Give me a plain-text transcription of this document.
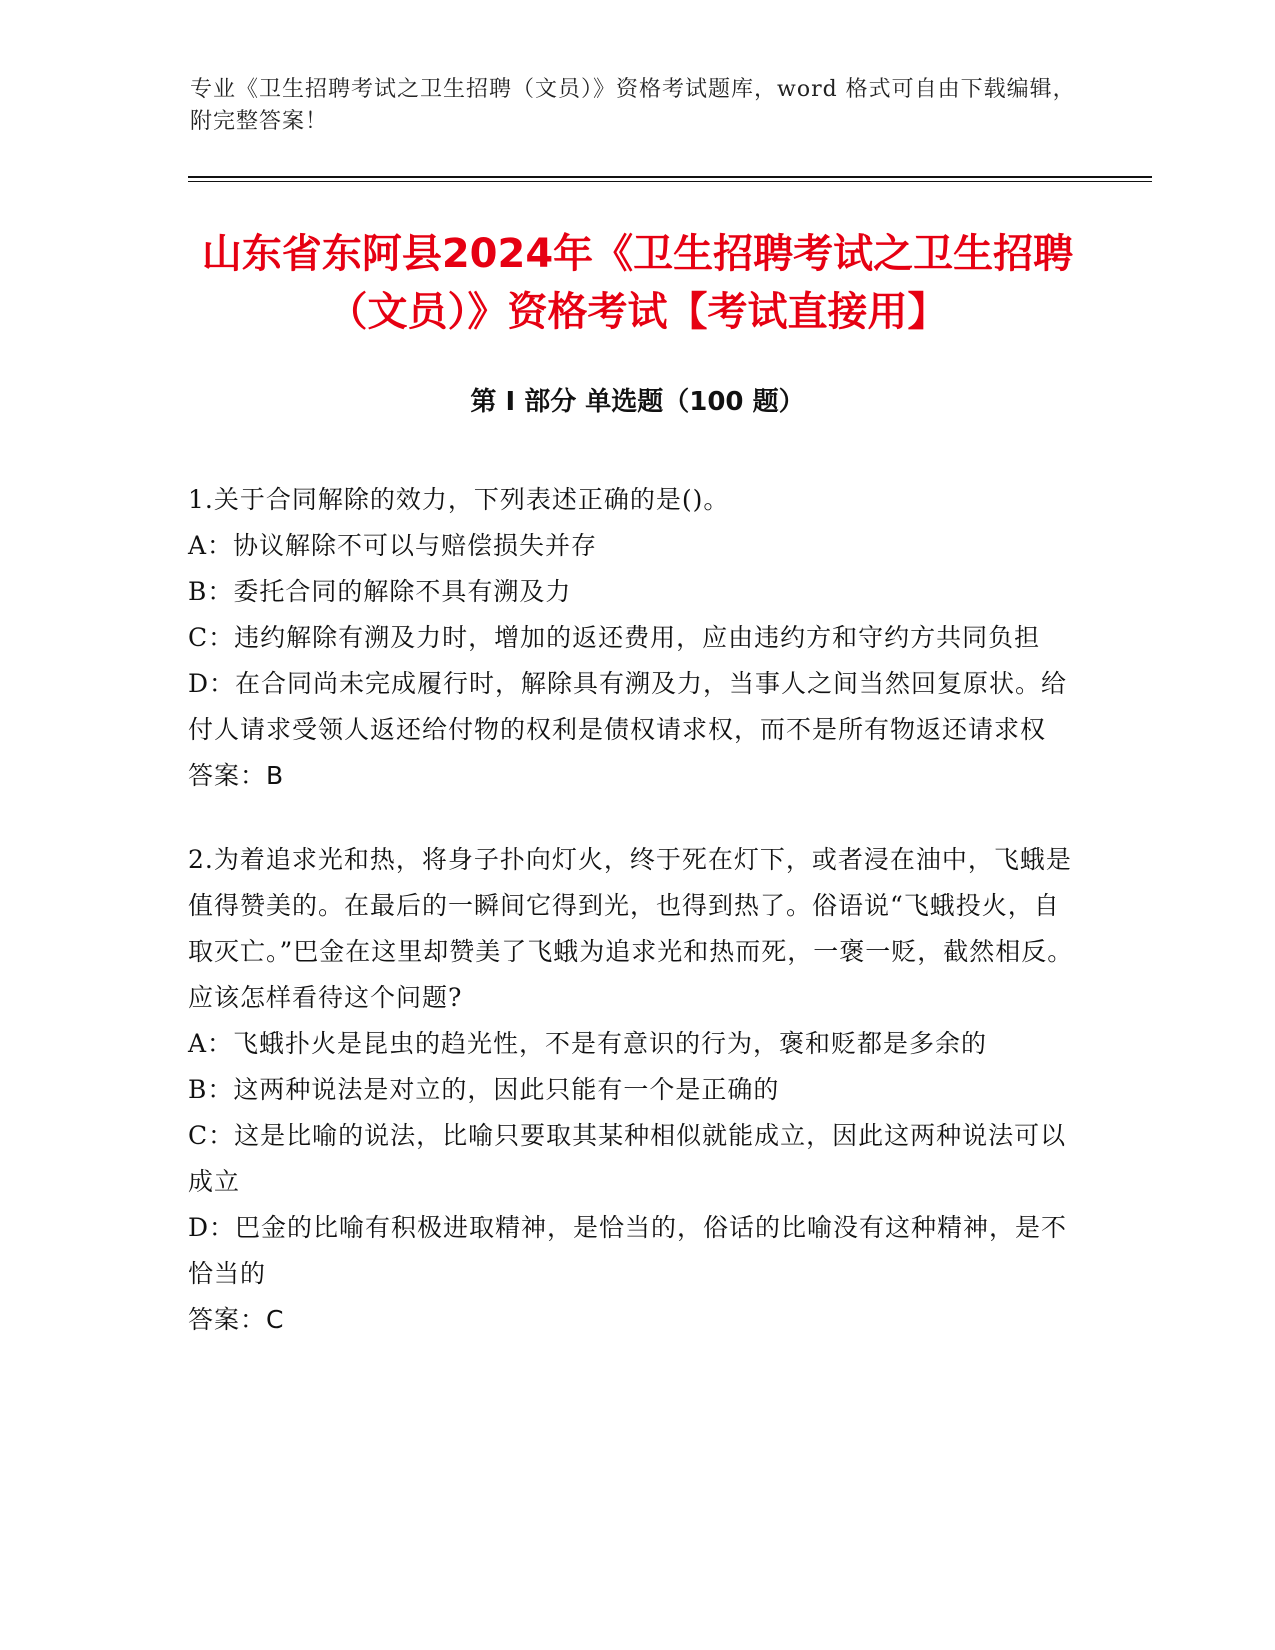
专业《卫生招聘考试之卫生招聘（文员）》资格考试题库，word 格式可自由下载编辑，附完整答案！
山东省东阿县2024年《卫生招聘考试之卫生招聘（文员）》资格考试【考试直接用】
第 I 部分 单选题（100 题）
1.关于合同解除的效力，下列表述正确的是()。
A：协议解除不可以与赔偿损失并存
B：委托合同的解除不具有溯及力
C：违约解除有溯及力时，增加的返还费用，应由违约方和守约方共同负担
D：在合同尚未完成履行时，解除具有溯及力，当事人之间当然回复原状。给付人请求受领人返还给付物的权利是债权请求权，而不是所有物返还请求权
答案：B
2.为着追求光和热，将身子扑向灯火，终于死在灯下，或者浸在油中，飞蛾是值得赞美的。在最后的一瞬间它得到光，也得到热了。俗语说“飞蛾投火，自取灭亡。”巴金在这里却赞美了飞蛾为追求光和热而死，一褒一贬，截然相反。应该怎样看待这个问题?
A：飞蛾扑火是昆虫的趋光性，不是有意识的行为，褒和贬都是多余的
B：这两种说法是对立的，因此只能有一个是正确的
C：这是比喻的说法，比喻只要取其某种相似就能成立，因此这两种说法可以成立
D：巴金的比喻有积极进取精神，是恰当的，俗话的比喻没有这种精神，是不恰当的
答案：C
